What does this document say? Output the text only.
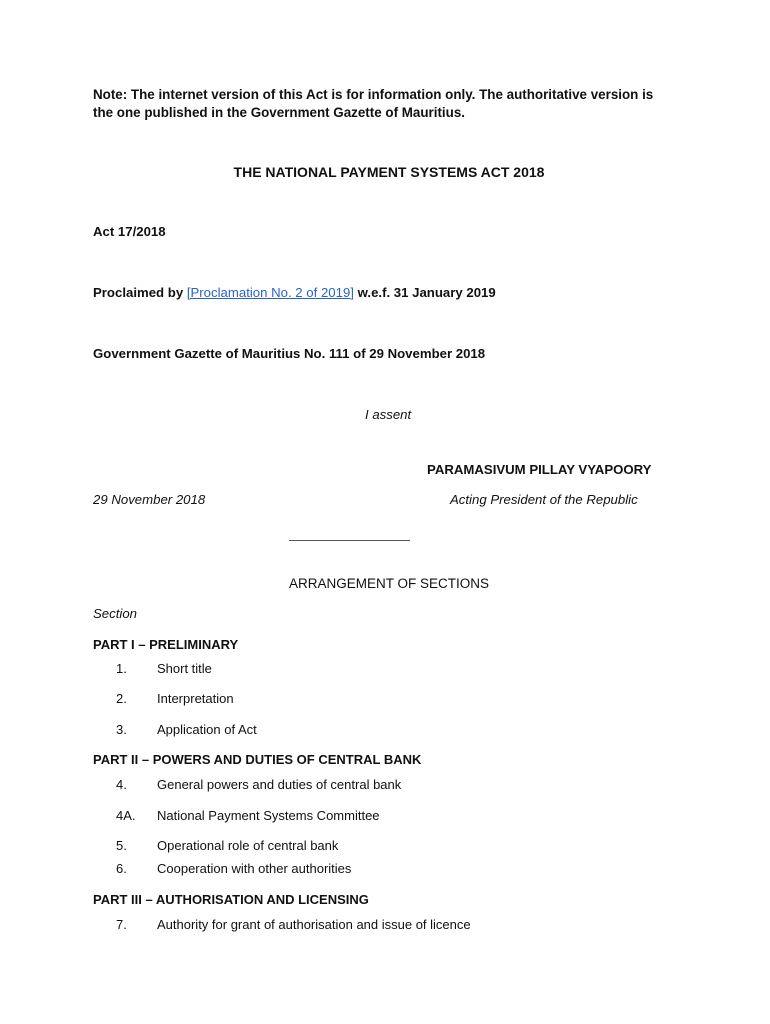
Note: The internet version of this Act is for information only. The authoritative version is
the one published in the Government Gazette of Mauritius.
THE NATIONAL PAYMENT SYSTEMS ACT 2018
Act 17/2018
Proclaimed by [Proclamation No. 2 of 2019] w.e.f. 31 January 2019
Government Gazette of Mauritius No. 111 of 29 November 2018
I assent
PARAMASIVUM PILLAY VYAPOORY
29 November 2018	Acting President of the Republic
ARRANGEMENT OF SECTIONS
Section
PART I – PRELIMINARY
1. Short title
2. Interpretation
3. Application of Act
PART II – POWERS AND DUTIES OF CENTRAL BANK
4. General powers and duties of central bank
4A. National Payment Systems Committee
5. Operational role of central bank
6. Cooperation with other authorities
PART III – AUTHORISATION AND LICENSING
7. Authority for grant of authorisation and issue of licence
